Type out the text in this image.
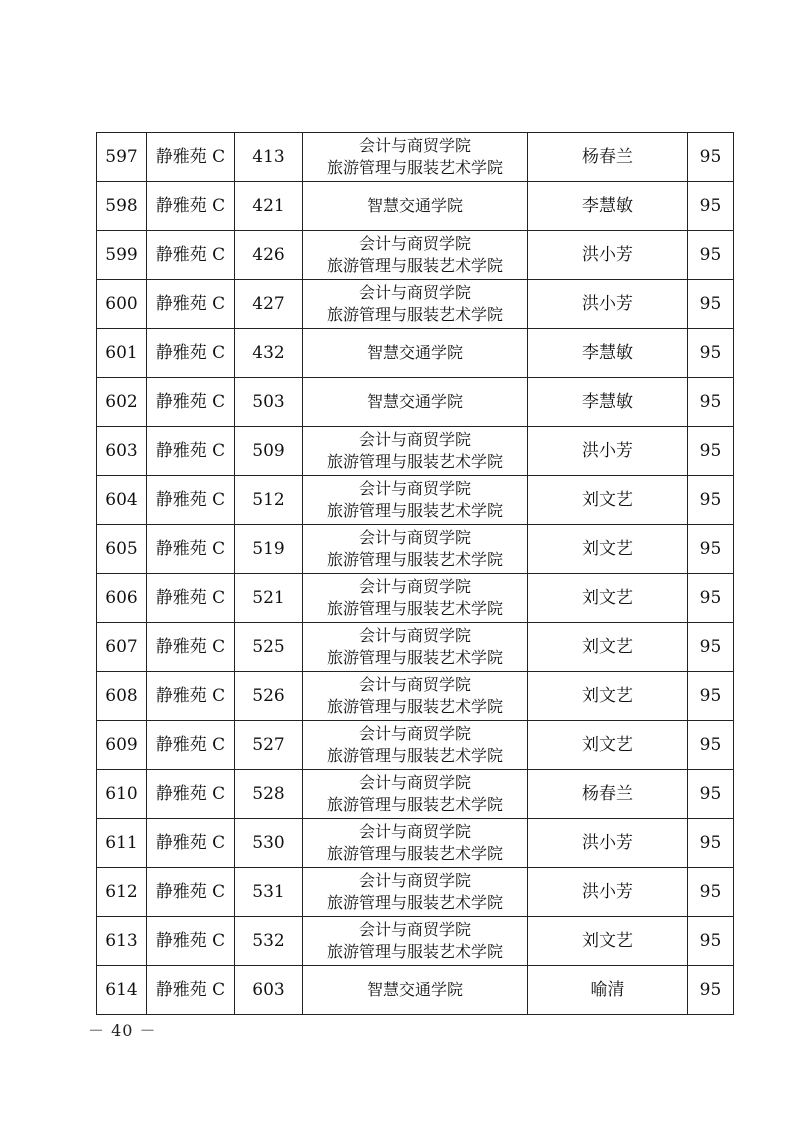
597	静雅苑 C	413	会计与商贸学院
旅游管理与服装艺术学院	杨春兰	95
598	静雅苑 C	421	智慧交通学院	李慧敏	95
599	静雅苑 C	426	会计与商贸学院
旅游管理与服装艺术学院	洪小芳	95
600	静雅苑 C	427	会计与商贸学院
旅游管理与服装艺术学院	洪小芳	95
601	静雅苑 C	432	智慧交通学院	李慧敏	95
602	静雅苑 C	503	智慧交通学院	李慧敏	95
603	静雅苑 C	509	会计与商贸学院
旅游管理与服装艺术学院	洪小芳	95
604	静雅苑 C	512	会计与商贸学院
旅游管理与服装艺术学院	刘文艺	95
605	静雅苑 C	519	会计与商贸学院
旅游管理与服装艺术学院	刘文艺	95
606	静雅苑 C	521	会计与商贸学院
旅游管理与服装艺术学院	刘文艺	95
607	静雅苑 C	525	会计与商贸学院
旅游管理与服装艺术学院	刘文艺	95
608	静雅苑 C	526	会计与商贸学院
旅游管理与服装艺术学院	刘文艺	95
609	静雅苑 C	527	会计与商贸学院
旅游管理与服装艺术学院	刘文艺	95
610	静雅苑 C	528	会计与商贸学院
旅游管理与服装艺术学院	杨春兰	95
611	静雅苑 C	530	会计与商贸学院
旅游管理与服装艺术学院	洪小芳	95
612	静雅苑 C	531	会计与商贸学院
旅游管理与服装艺术学院	洪小芳	95
613	静雅苑 C	532	会计与商贸学院
旅游管理与服装艺术学院	刘文艺	95
614	静雅苑 C	603	智慧交通学院	喻清	95
－ 40 －
